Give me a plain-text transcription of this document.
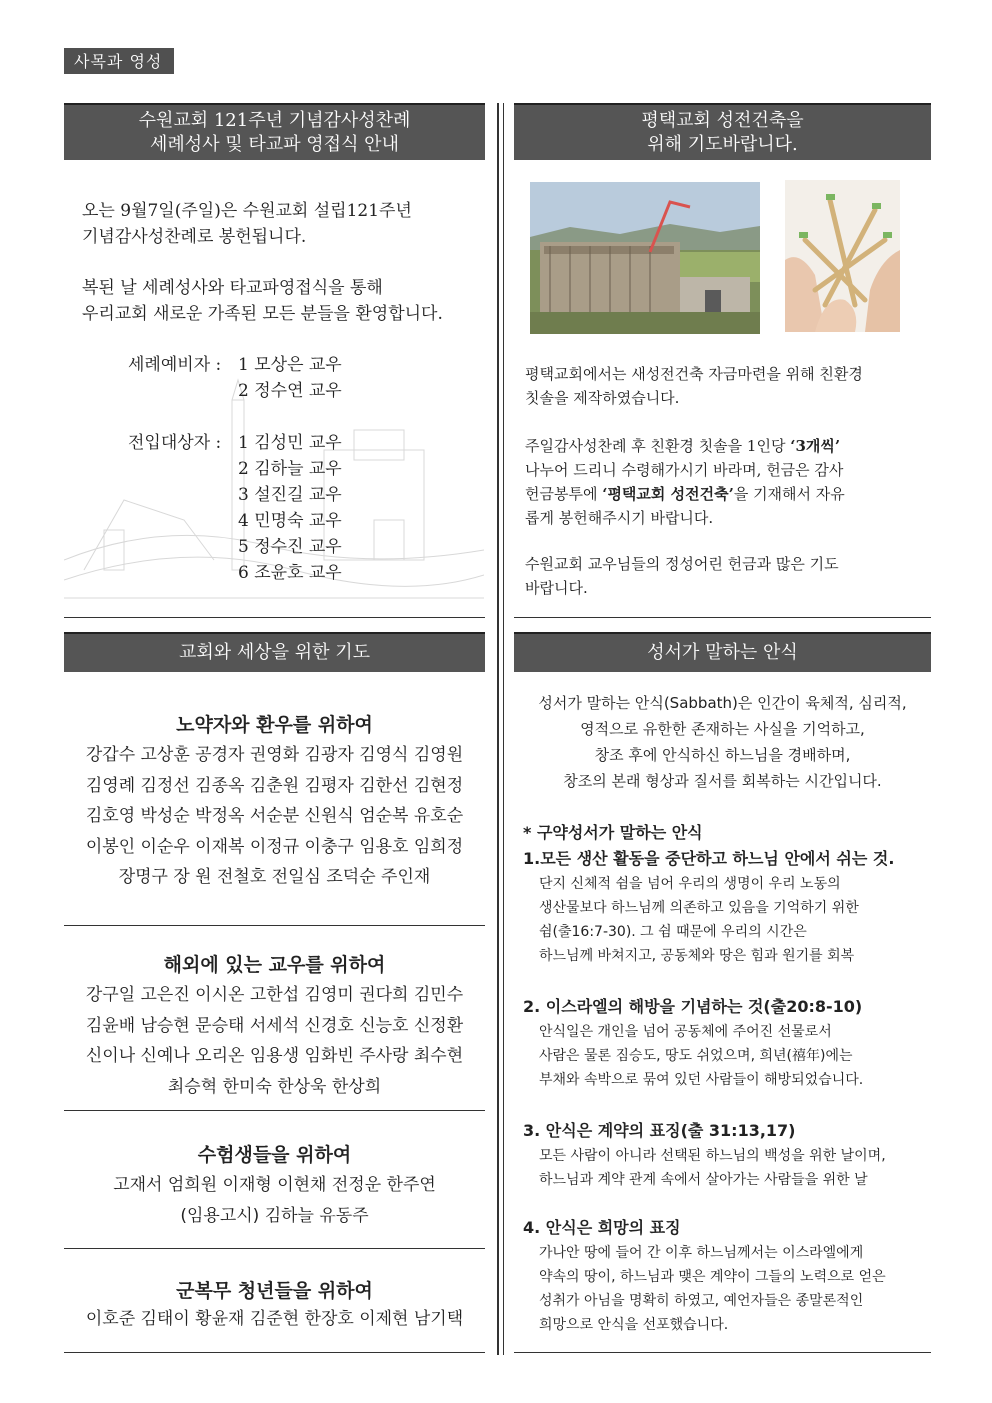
사목과 영성
수원교회 121주년 기념감사성찬례
세례성사 및 타교파 영접식 안내
오는 9월7일(주일)은 수원교회 설립121주년
기념감사성찬례로 봉헌됩니다.
복된 날 세례성사와 타교파영접식을 통해
우리교회 새로운 가족된 모든 분들을 환영합니다.
세례예비자 : 1 모상은 교우
2 정수연 교우
전입대상자 : 1 김성민 교우
2 김하늘 교우
3 설진길 교우
4 민명숙 교우
5 정수진 교우
6 조윤호 교우
평택교회 성전건축을
위해 기도바랍니다.
평택교회에서는 새성전건축 자금마련을 위해 친환경
칫솔을 제작하였습니다.
주일감사성찬례 후 친환경 칫솔을 1인당 ‘3개씩’
나누어 드리니 수령해가시기 바라며, 헌금은 감사
헌금봉투에 ‘평택교회 성전건축’을 기재해서 자유
롭게 봉헌해주시기 바랍니다.
수원교회 교우님들의 정성어린 헌금과 많은 기도
바랍니다.
교회와 세상을 위한 기도
노약자와 환우를 위하여
강갑수 고상훈 공경자 권영화 김광자 김영식 김영원
김영례 김정선 김종옥 김춘원 김평자 김한선 김현정
김호영 박성순 박정옥 서순분 신원식 엄순복 유호순
이봉인 이순우 이재복 이정규 이충구 임용호 임희정
장명구 장 원 전철호 전일심 조덕순 주인재
해외에 있는 교우를 위하여
강구일 고은진 이시온 고한섭 김영미 권다희 김민수
김윤배 남승현 문승태 서세석 신경호 신능호 신정환
신이나 신예나 오리온 임용생 임화빈 주사랑 최수현
최승혁 한미숙 한상욱 한상희
수험생들을 위하여
고재서 엄희원 이재형 이현채 전정운 한주연
(임용고시) 김하늘 유동주
군복무 청년들을 위하여
이호준 김태이 황윤재 김준현 한장호 이제현 남기택
성서가 말하는 안식
성서가 말하는 안식(Sabbath)은 인간이 육체적, 심리적,
영적으로 유한한 존재하는 사실을 기억하고,
창조 후에 안식하신 하느님을 경배하며,
창조의 본래 형상과 질서를 회복하는 시간입니다.
* 구약성서가 말하는 안식
1.모든 생산 활동을 중단하고 하느님 안에서 쉬는 것.
단지 신체적 쉼을 넘어 우리의 생명이 우리 노동의
생산물보다 하느님께 의존하고 있음을 기억하기 위한
쉼(출16:7-30). 그 쉼 때문에 우리의 시간은
하느님께 바쳐지고, 공동체와 땅은 힘과 원기를 회복
2. 이스라엘의 해방을 기념하는 것(출20:8-10)
안식일은 개인을 넘어 공동체에 주어진 선물로서
사람은 물론 짐승도, 땅도 쉬었으며, 희년(禧年)에는
부채와 속박으로 묶여 있던 사람들이 해방되었습니다.
3. 안식은 계약의 표징(출 31:13,17)
모든 사람이 아니라 선택된 하느님의 백성을 위한 날이며,
하느님과 계약 관계 속에서 살아가는 사람들을 위한 날
4. 안식은 희망의 표징
가나안 땅에 들어 간 이후 하느님께서는 이스라엘에게
약속의 땅이, 하느님과 맺은 계약이 그들의 노력으로 얻은
성취가 아님을 명확히 하였고, 예언자들은 종말론적인
희망으로 안식을 선포했습니다.
